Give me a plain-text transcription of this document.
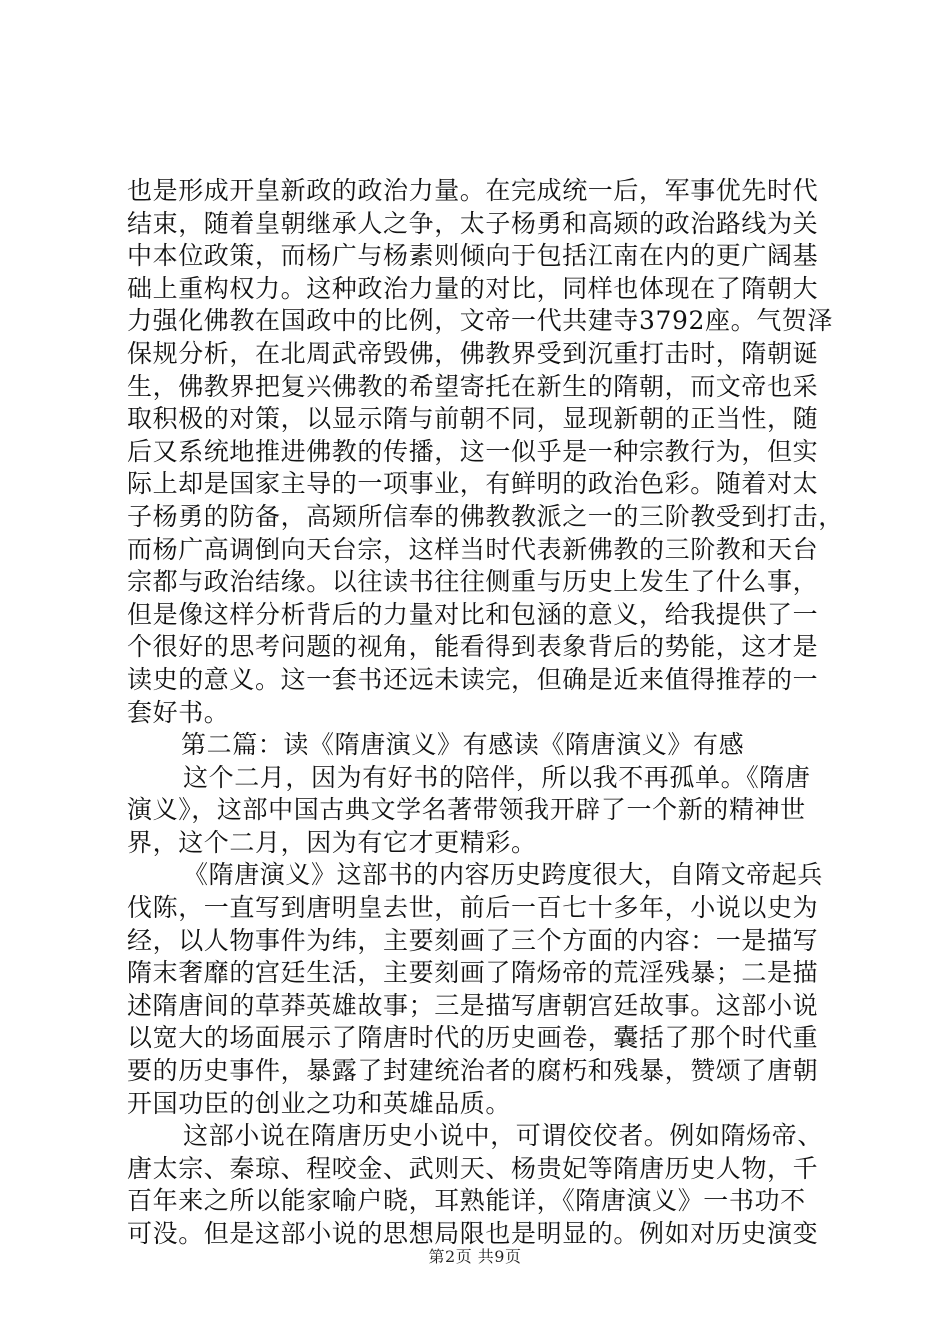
也是形成开皇新政的政治力量。在完成统一后，军事优先时代
结束，随着皇朝继承人之争，太子杨勇和高颎的政治路线为关
中本位政策，而杨广与杨素则倾向于包括江南在内的更广阔基
础上重构权力。这种政治力量的对比，同样也体现在了隋朝大
力强化佛教在国政中的比例，文帝一代共建寺3792座。气贺泽
保规分析，在北周武帝毁佛，佛教界受到沉重打击时，隋朝诞
生，佛教界把复兴佛教的希望寄托在新生的隋朝，而文帝也采
取积极的对策，以显示隋与前朝不同，显现新朝的正当性，随
后又系统地推进佛教的传播，这一似乎是一种宗教行为，但实
际上却是国家主导的一项事业，有鲜明的政治色彩。随着对太
子杨勇的防备，高颎所信奉的佛教教派之一的三阶教受到打击，
而杨广高调倒向天台宗，这样当时代表新佛教的三阶教和天台
宗都与政治结缘。以往读书往往侧重与历史上发生了什么事，
但是像这样分析背后的力量对比和包涵的意义，给我提供了一
个很好的思考问题的视角，能看得到表象背后的势能，这才是
读史的意义。这一套书还远未读完，但确是近来值得推荐的一
套好书。
第二篇：读《隋唐演义》有感读《隋唐演义》有感
这个二月，因为有好书的陪伴，所以我不再孤单。《隋唐
演义》，这部中国古典文学名著带领我开辟了一个新的精神世
界，这个二月，因为有它才更精彩。
《隋唐演义》这部书的内容历史跨度很大，自隋文帝起兵
伐陈，一直写到唐明皇去世，前后一百七十多年，小说以史为
经，以人物事件为纬，主要刻画了三个方面的内容：一是描写
隋末奢靡的宫廷生活，主要刻画了隋炀帝的荒淫残暴；二是描
述隋唐间的草莽英雄故事；三是描写唐朝宫廷故事。这部小说
以宽大的场面展示了隋唐时代的历史画卷，囊括了那个时代重
要的历史事件，暴露了封建统治者的腐朽和残暴，赞颂了唐朝
开国功臣的创业之功和英雄品质。
这部小说在隋唐历史小说中，可谓佼佼者。例如隋炀帝、
唐太宗、秦琼、程咬金、武则天、杨贵妃等隋唐历史人物，千
百年来之所以能家喻户晓，耳熟能详，《隋唐演义》一书功不
可没。但是这部小说的思想局限也是明显的。例如对历史演变
第2页 共9页
